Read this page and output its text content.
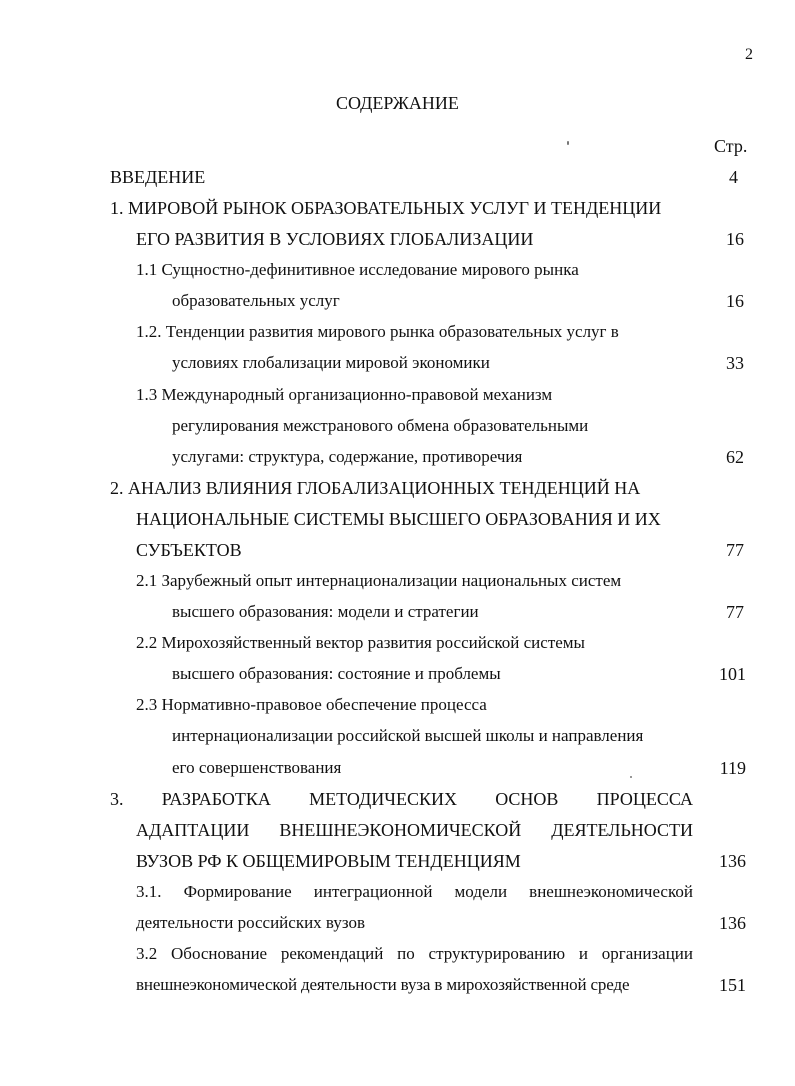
2
СОДЕРЖАНИЕ
Стр.
ВВЕДЕНИЕ	4
1. МИРОВОЙ РЫНОК ОБРАЗОВАТЕЛЬНЫХ УСЛУГ И ТЕНДЕНЦИИ
ЕГО РАЗВИТИЯ В УСЛОВИЯХ ГЛОБАЛИЗАЦИИ	16
1.1 Сущностно-дефинитивное исследование мирового рынка
образовательных услуг	16
1.2. Тенденции развития мирового рынка образовательных услуг в
условиях глобализации мировой экономики	33
1.3 Международный организационно-правовой механизм
регулирования межстранового обмена образовательными
услугами: структура, содержание, противоречия	62
2. АНАЛИЗ ВЛИЯНИЯ ГЛОБАЛИЗАЦИОННЫХ ТЕНДЕНЦИЙ НА
НАЦИОНАЛЬНЫЕ СИСТЕМЫ ВЫСШЕГО ОБРАЗОВАНИЯ И ИХ
СУБЪЕКТОВ	77
2.1 Зарубежный опыт интернационализации национальных систем
высшего образования: модели и стратегии	77
2.2 Мирохозяйственный вектор развития российской системы
высшего образования: состояние и проблемы	101
2.3 Нормативно-правовое обеспечение процесса
интернационализации российской высшей школы и направления
его совершенствования	119
3. РАЗРАБОТКА МЕТОДИЧЕСКИХ ОСНОВ ПРОЦЕССА
АДАПТАЦИИ ВНЕШНЕЭКОНОМИЧЕСКОЙ ДЕЯТЕЛЬНОСТИ
ВУЗОВ РФ К ОБЩЕМИРОВЫМ ТЕНДЕНЦИЯМ	136
3.1. Формирование интеграционной модели внешнеэкономической
деятельности российских вузов	136
3.2 Обоснование рекомендаций по структурированию и организации
внешнеэкономической деятельности вуза в мирохозяйственной среде	151
